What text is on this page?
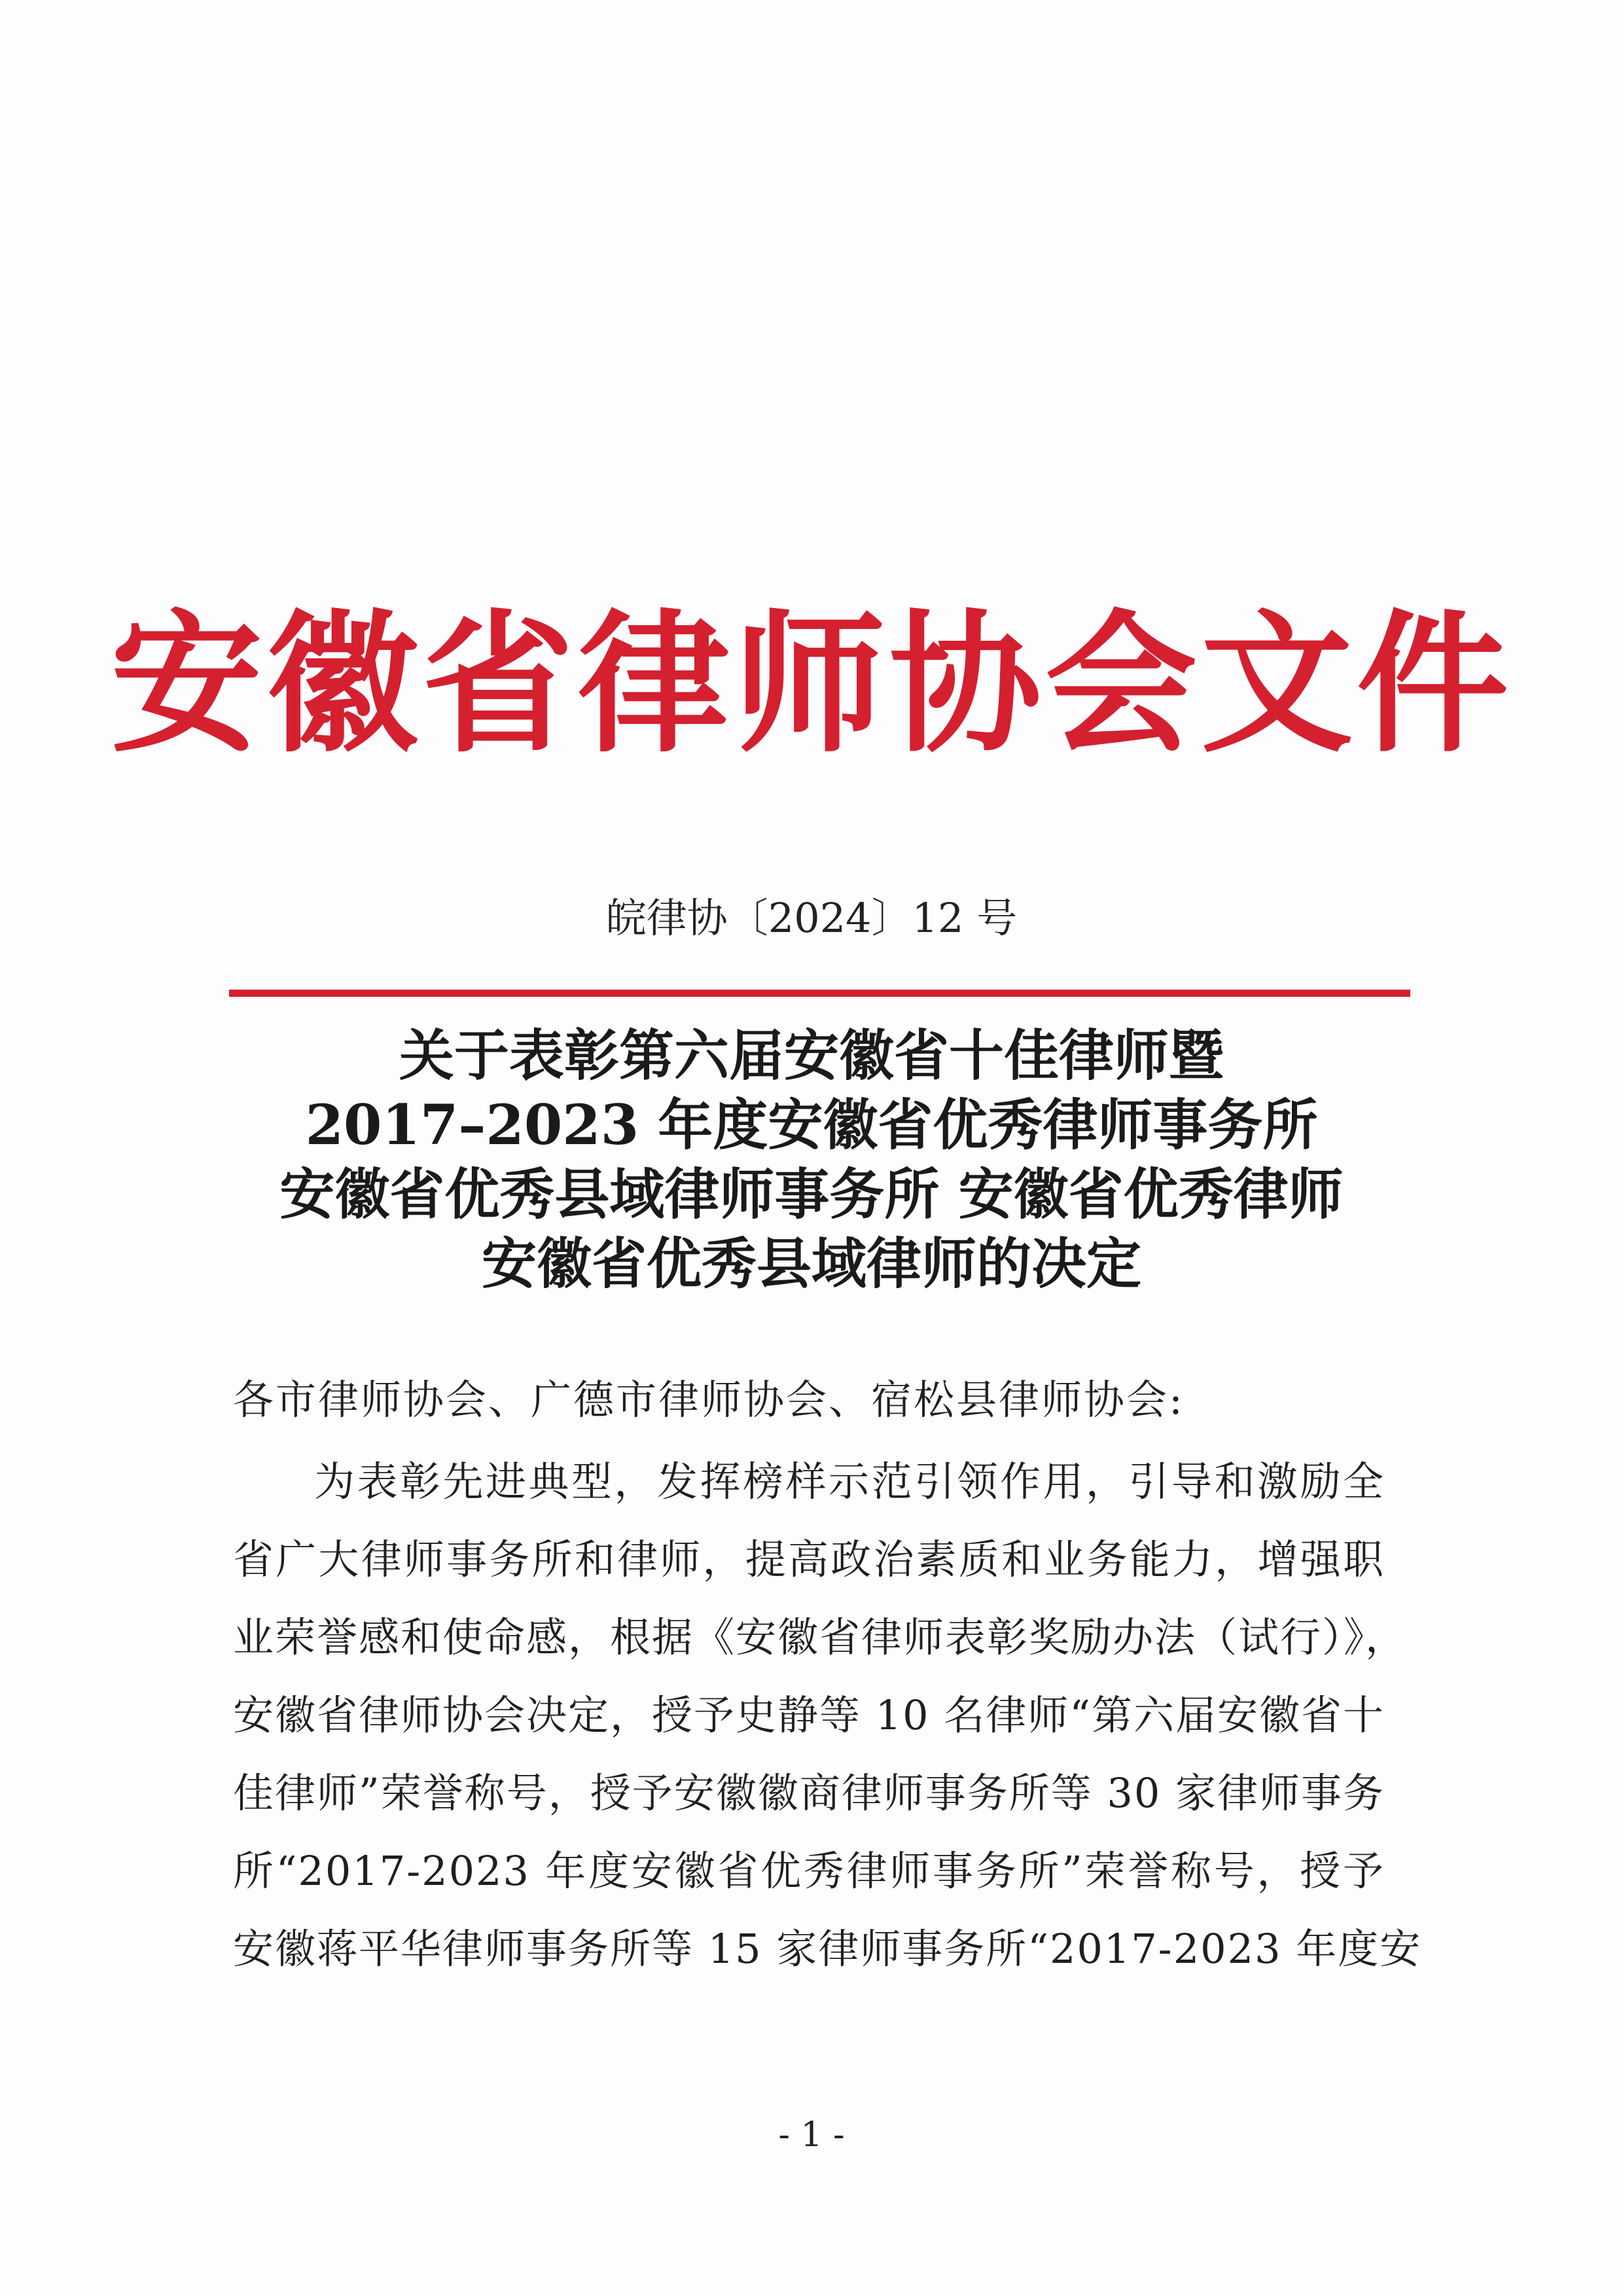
安徽省律师协会文件
皖律协〔2024〕12 号
关于表彰第六届安徽省十佳律师暨
2017–2023 年度安徽省优秀律师事务所
安徽省优秀县域律师事务所 安徽省优秀律师
安徽省优秀县域律师的决定
各市律师协会、广德市律师协会、宿松县律师协会:
为表彰先进典型，发挥榜样示范引领作用，引导和激励全
省广大律师事务所和律师，提高政治素质和业务能力，增强职
业荣誉感和使命感，根据《安徽省律师表彰奖励办法（试行）》，
安徽省律师协会决定，授予史静等 10 名律师“第六届安徽省十
佳律师”荣誉称号，授予安徽徽商律师事务所等 30 家律师事务
所“2017-2023 年度安徽省优秀律师事务所”荣誉称号，授予
安徽蒋平华律师事务所等 15 家律师事务所“2017-2023 年度安
- 1 -
